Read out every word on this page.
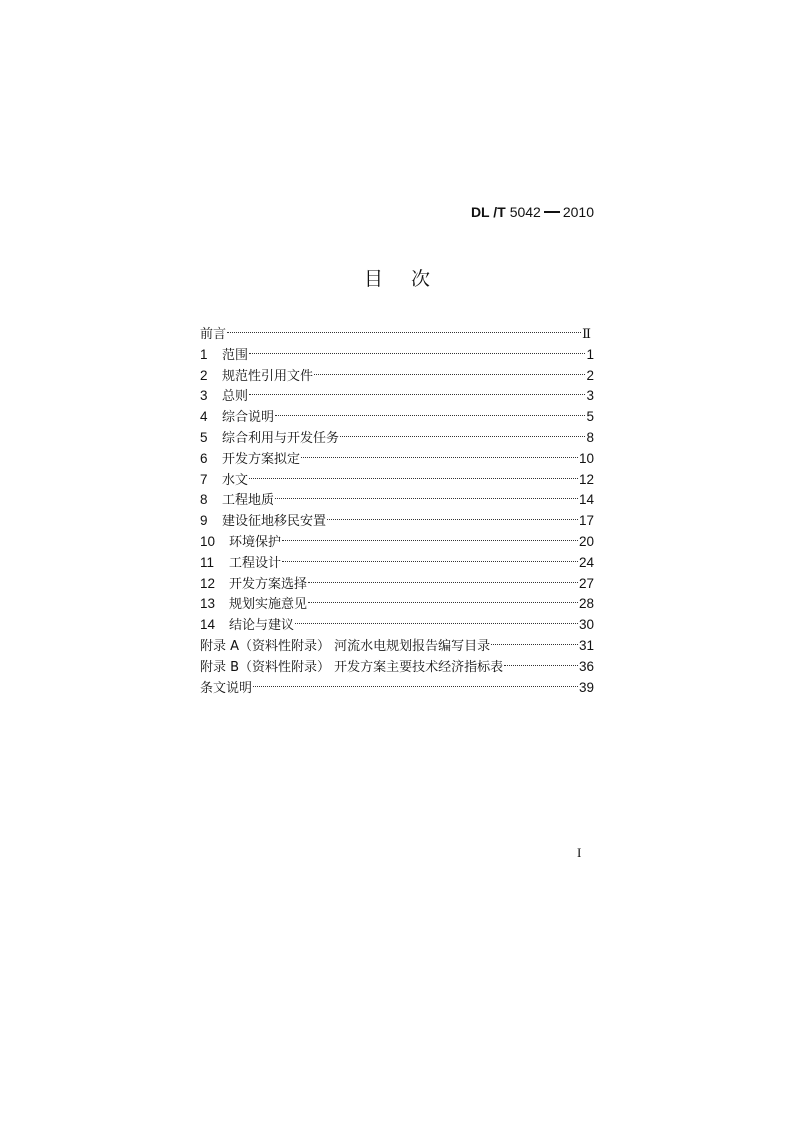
DL /T 5042 2010
目次
前言	Ⅱ
1	范围	1
2	规范性引用文件	2
3	总则	3
4	综合说明	5
5	综合利用与开发任务	8
6	开发方案拟定	10
7	水文	12
8	工程地质	14
9	建设征地移民安置	17
10	环境保护	20
11	工程设计	24
12	开发方案选择	27
13	规划实施意见	28
14	结论与建议	30
附录 A（资料性附录） 河流水电规划报告编写目录	31
附录 B（资料性附录） 开发方案主要技术经济指标表	36
条文说明	39
I
